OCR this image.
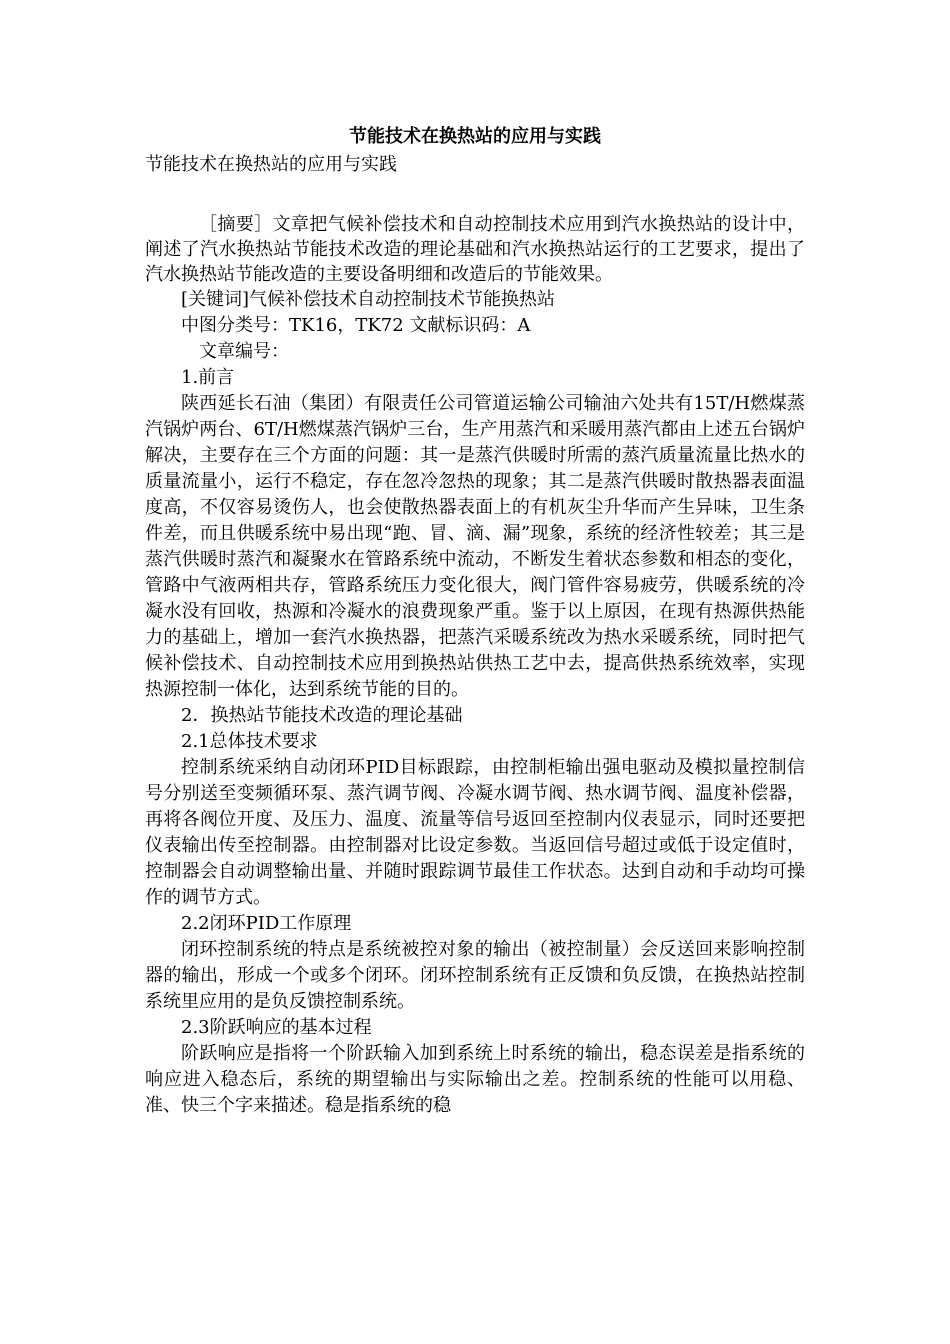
节能技术在换热站的应用与实践

节能技术在换热站的应用与实践

［摘要］文章把气候补偿技术和自动控制技术应用到汽水换热站的设计中，阐述了汽水换热站节能技术改造的理论基础和汽水换热站运行的工艺要求，提出了汽水换热站节能改造的主要设备明细和改造后的节能效果。

[关键词]气候补偿技术自动控制技术节能换热站

中图分类号：TK16，TK72 文献标识码：A

文章编号：

1.前言

陕西延长石油（集团）有限责任公司管道运输公司输油六处共有15T/H燃煤蒸汽锅炉两台、6T/H燃煤蒸汽锅炉三台，生产用蒸汽和采暖用蒸汽都由上述五台锅炉解决，主要存在三个方面的问题：其一是蒸汽供暖时所需的蒸汽质量流量比热水的质量流量小，运行不稳定，存在忽冷忽热的现象；其二是蒸汽供暖时散热器表面温度高，不仅容易烫伤人，也会使散热器表面上的有机灰尘升华而产生异味，卫生条件差，而且供暖系统中易出现“跑、冒、滴、漏”现象，系统的经济性较差；其三是蒸汽供暖时蒸汽和凝聚水在管路系统中流动，不断发生着状态参数和相态的变化，管路中气液两相共存，管路系统压力变化很大，阀门管件容易疲劳，供暖系统的冷凝水没有回收，热源和冷凝水的浪费现象严重。鉴于以上原因，在现有热源供热能力的基础上，增加一套汽水换热器，把蒸汽采暖系统改为热水采暖系统，同时把气候补偿技术、自动控制技术应用到换热站供热工艺中去，提高供热系统效率，实现热源控制一体化，达到系统节能的目的。

2．换热站节能技术改造的理论基础

2.1总体技术要求

控制系统采纳自动闭环PID目标跟踪，由控制柜输出强电驱动及模拟量控制信号分别送至变频循环泵、蒸汽调节阀、冷凝水调节阀、热水调节阀、温度补偿器，再将各阀位开度、及压力、温度、流量等信号返回至控制内仪表显示，同时还要把仪表输出传至控制器。由控制器对比设定参数。当返回信号超过或低于设定值时，控制器会自动调整输出量、并随时跟踪调节最佳工作状态。达到自动和手动均可操作的调节方式。

2.2闭环PID工作原理

闭环控制系统的特点是系统被控对象的输出（被控制量）会反送回来影响控制器的输出，形成一个或多个闭环。闭环控制系统有正反馈和负反馈，在换热站控制系统里应用的是负反馈控制系统。

2.3阶跃响应的基本过程

阶跃响应是指将一个阶跃输入加到系统上时系统的输出，稳态误差是指系统的响应进入稳态后，系统的期望输出与实际输出之差。控制系统的性能可以用稳、准、快三个字来描述。稳是指系统的稳
